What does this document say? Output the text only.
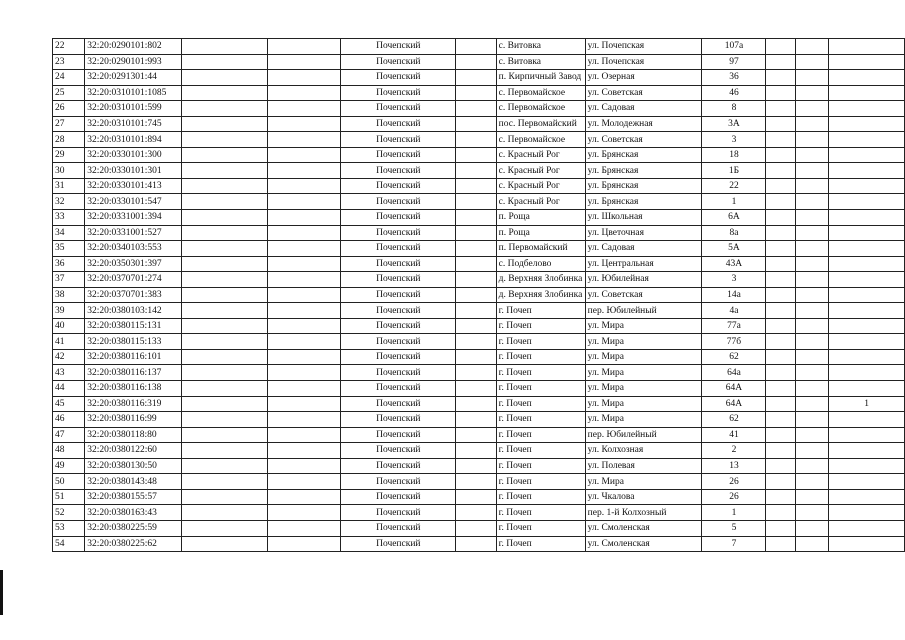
22	32:20:0290101:802			Почепский		с. Витовка	ул. Почепская	107а			
23	32:20:0290101:993			Почепский		с. Витовка	ул. Почепская	97			
24	32:20:0291301:44			Почепский		п. Кирпичный Завод	ул. Озерная	36			
25	32:20:0310101:1085			Почепский		с. Первомайское	ул. Советская	46			
26	32:20:0310101:599			Почепский		с. Первомайское	ул. Садовая	8			
27	32:20:0310101:745			Почепский		пос. Первомайский	ул. Молодежная	3А			
28	32:20:0310101:894			Почепский		с. Первомайское	ул. Советская	3			
29	32:20:0330101:300			Почепский		с. Красный Рог	ул. Брянская	18			
30	32:20:0330101:301			Почепский		с. Красный Рог	ул. Брянская	1Б			
31	32:20:0330101:413			Почепский		с. Красный Рог	ул. Брянская	22			
32	32:20:0330101:547			Почепский		с. Красный Рог	ул. Брянская	1			
33	32:20:0331001:394			Почепский		п. Роща	ул. Школьная	6А			
34	32:20:0331001:527			Почепский		п. Роща	ул. Цветочная	8а			
35	32:20:0340103:553			Почепский		п. Первомайский	ул. Садовая	5А			
36	32:20:0350301:397			Почепский		с. Подбелово	ул. Центральная	43А			
37	32:20:0370701:274			Почепский		д. Верхняя Злобинка	ул. Юбилейная	3			
38	32:20:0370701:383			Почепский		д. Верхняя Злобинка	ул. Советская	14а			
39	32:20:0380103:142			Почепский		г. Почеп	пер. Юбилейный	4а			
40	32:20:0380115:131			Почепский		г. Почеп	ул. Мира	77а			
41	32:20:0380115:133			Почепский		г. Почеп	ул. Мира	77б			
42	32:20:0380116:101			Почепский		г. Почеп	ул. Мира	62			
43	32:20:0380116:137			Почепский		г. Почеп	ул. Мира	64а			
44	32:20:0380116:138			Почепский		г. Почеп	ул. Мира	64А			
45	32:20:0380116:319			Почепский		г. Почеп	ул. Мира	64А			1
46	32:20:0380116:99			Почепский		г. Почеп	ул. Мира	62			
47	32:20:0380118:80			Почепский		г. Почеп	пер. Юбилейный	41			
48	32:20:0380122:60			Почепский		г. Почеп	ул. Колхозная	2			
49	32:20:0380130:50			Почепский		г. Почеп	ул. Полевая	13			
50	32:20:0380143:48			Почепский		г. Почеп	ул. Мира	26			
51	32:20:0380155:57			Почепский		г. Почеп	ул. Чкалова	26			
52	32:20:0380163:43			Почепский		г. Почеп	пер. 1-й Колхозный	1			
53	32:20:0380225:59			Почепский		г. Почеп	ул. Смоленская	5			
54	32:20:0380225:62			Почепский		г. Почеп	ул. Смоленская	7			
